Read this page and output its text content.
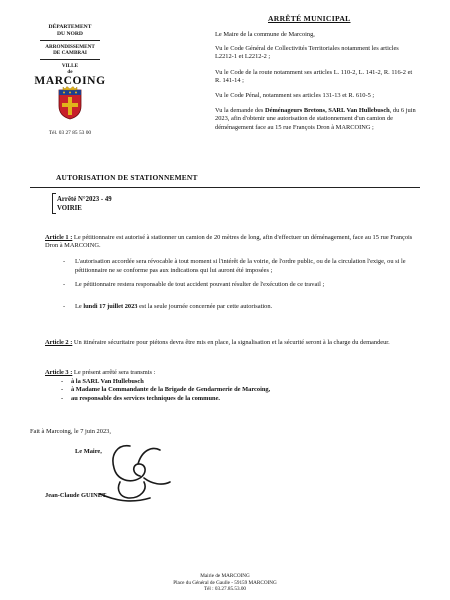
DÉPARTEMENT
DU NORD
ARRONDISSEMENT
DE CAMBRAI
VILLE
de
MARCOING
Tél. 03 27 85 53 00
ARRÊTÉ MUNICIPAL
Le Maire de la commune de Marcoing,
Vu le Code Général de Collectivités Territoriales notamment les articles L2212-1 et L2212-2 ;
Vu le Code de la route notamment ses articles L. 110-2, L. 141-2, R. 116-2 et R. 141-14 ;
Vu le Code Pénal, notamment ses articles 131-13 et R. 610-5 ;
Vu la demande des Déménageurs Bretons, SARL Van Hullebusch, du 6 juin 2023, afin d'obtenir une autorisation de stationnement d'un camion de déménagement face au 15 rue François Dron à MARCOING ;
AUTORISATION DE STATIONNEMENT
Arrêté N°2023 - 49
VOIRIE
Article 1 : Le pétitionnaire est autorisé à stationner un camion de 20 mètres de long, afin d'effectuer un déménagement, face au 15 rue François Dron à MARCOING.
- L'autorisation accordée sera révocable à tout moment si l'intérêt de la voirie, de l'ordre public, ou de la circulation l'exige, ou si le pétitionnaire ne se conforme pas aux indications qui lui auront été imposées ;
- Le pétitionnaire restera responsable de tout accident pouvant résulter de l'exécution de ce travail ;
- Le lundi 17 juillet 2023 est la seule journée concernée par cette autorisation.
Article 2 : Un itinéraire sécuritaire pour piétons devra être mis en place, la signalisation et la sécurité seront à la charge du demandeur.
Article 3 : Le présent arrêté sera transmis :
- à la SARL Van Hullebusch
- à Madame la Commandante de la Brigade de Gendarmerie de Marcoing,
- au responsable des services techniques de la commune.
Fait à Marcoing, le 7 juin 2023,
Le Maire,
Jean-Claude GUINET.
Mairie de MARCOING
Place du Général de Gaulle - 59159 MARCOING
Tél : 03.27.85.53.00
